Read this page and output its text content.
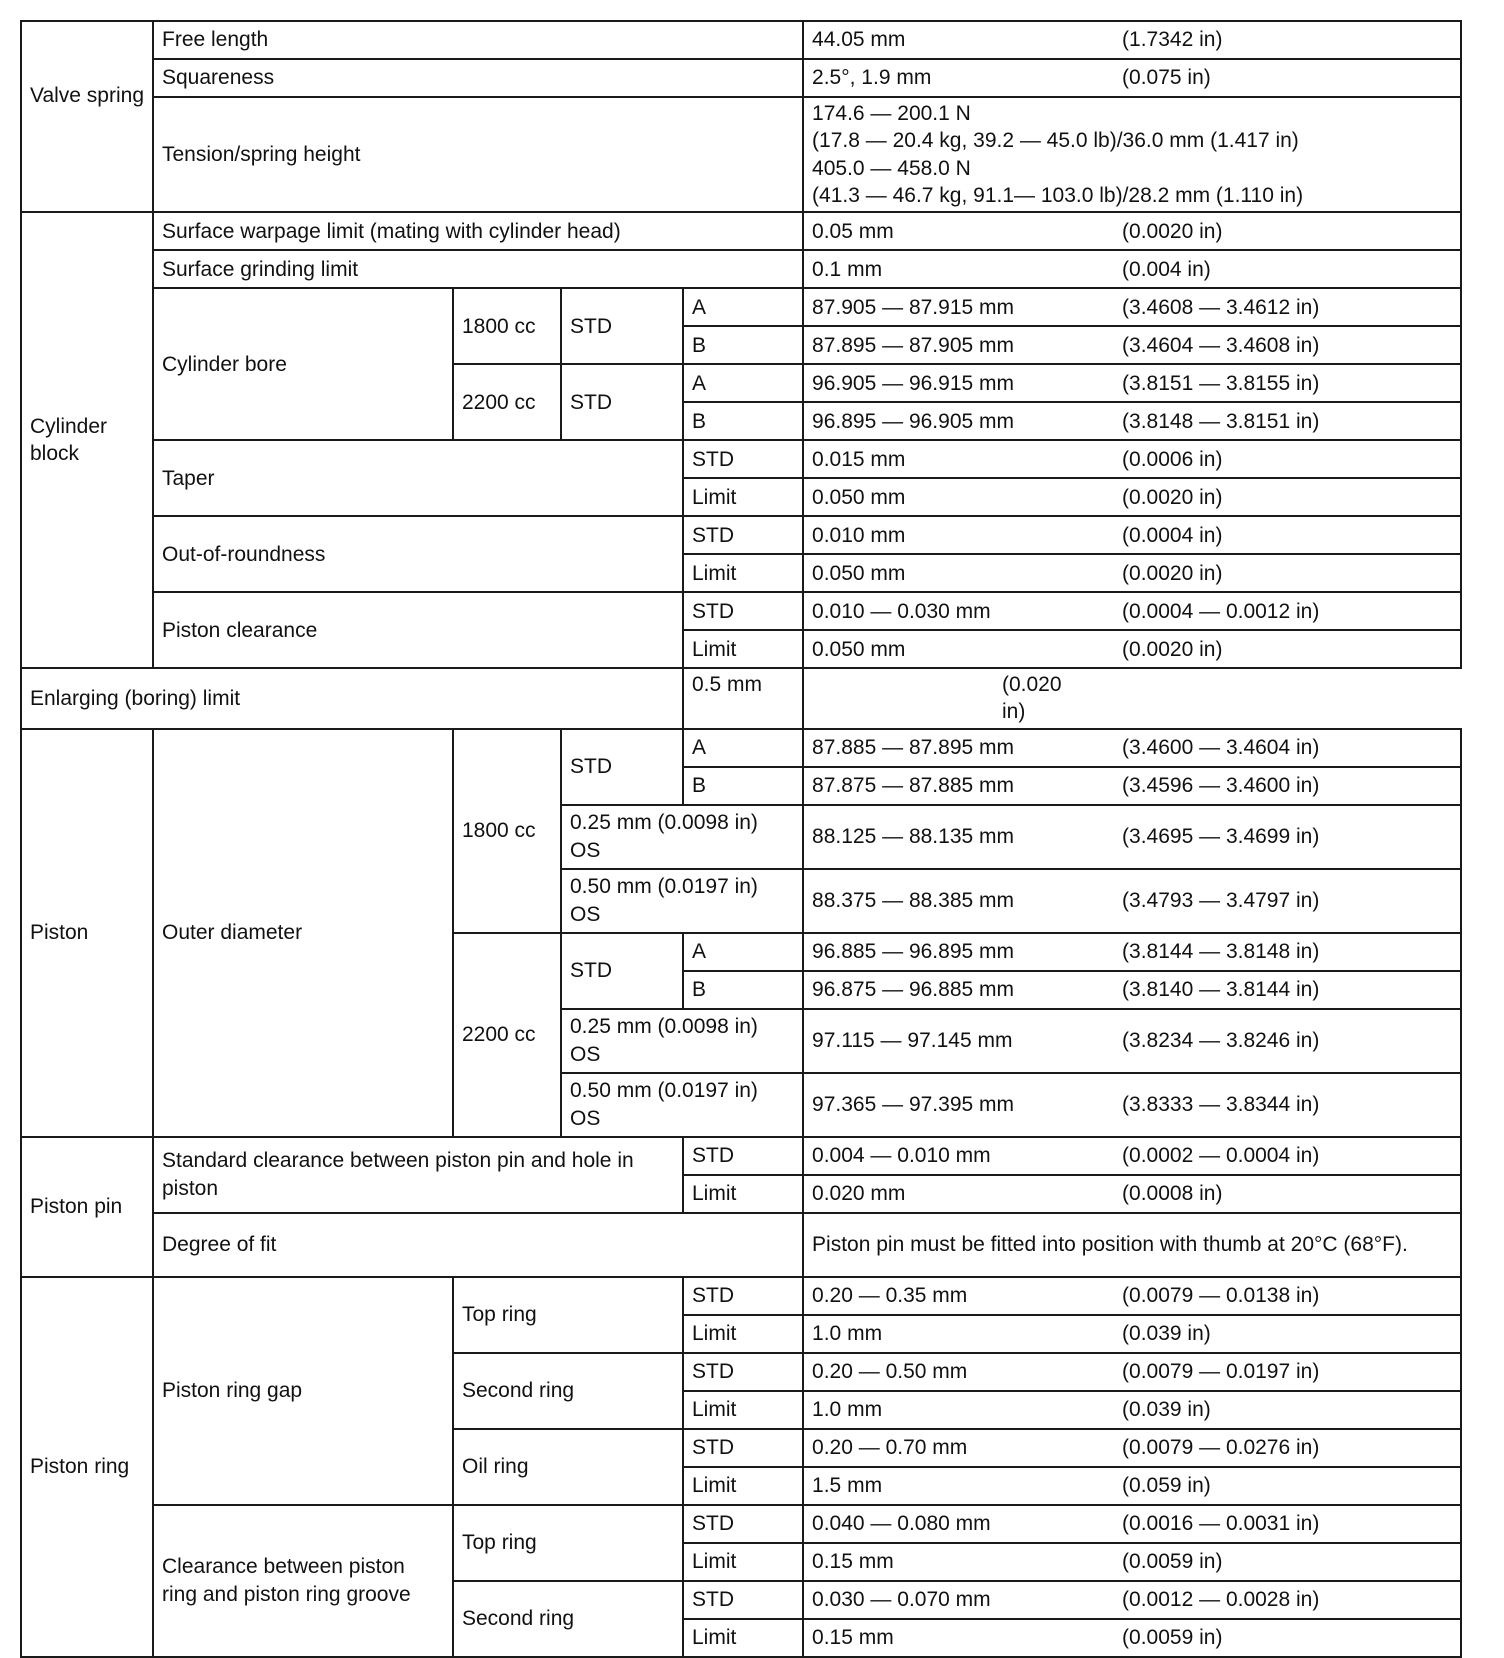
Valve spring	Free length				44.05 mm (1.7342 in)

	Squareness				2.5°, 1.9 mm (0.075 in)

	Tension/spring height				174.6 — 200.1 N
(17.8 — 20.4 kg, 39.2 — 45.0 lb)/36.0 mm (1.417 in)
405.0 — 458.0 N
(41.3 — 46.7 kg, 91.1— 103.0 lb)/28.2 mm (1.110 in)

Cylinder block	Surface warpage limit (mating with cylinder head)				0.05 mm (0.0020 in)

	Surface grinding limit				0.1 mm (0.004 in)

	Cylinder bore	1800 cc	STD	A	87.905 — 87.915 mm (3.4608 — 3.4612 in)

				B	87.895 — 87.905 mm (3.4604 — 3.4608 in)

		2200 cc	STD	A	96.905 — 96.915 mm (3.8151 — 3.8155 in)

				B	96.895 — 96.905 mm (3.8148 — 3.8151 in)

	Taper			STD	0.015 mm (0.0006 in)

				Limit	0.050 mm (0.0020 in)

	Out-of-roundness			STD	0.010 mm (0.0004 in)

				Limit	0.050 mm (0.0020 in)

	Piston clearance			STD	0.010 — 0.030 mm (0.0004 — 0.0012 in)

				Limit	0.050 mm (0.0020 in)

Enlarging (boring) limit				0.5 mm (0.020 in)	

Piston	Outer diameter	1800 cc	STD	A	87.885 — 87.895 mm (3.4600 — 3.4604 in)

				B	87.875 — 87.885 mm (3.4596 — 3.4600 in)

			0.25 mm (0.0098 in) OS		88.125 — 88.135 mm (3.4695 — 3.4699 in)

			0.50 mm (0.0197 in) OS		88.375 — 88.385 mm (3.4793 — 3.4797 in)

		2200 cc	STD	A	96.885 — 96.895 mm (3.8144 — 3.8148 in)

				B	96.875 — 96.885 mm (3.8140 — 3.8144 in)

			0.25 mm (0.0098 in) OS		97.115 — 97.145 mm (3.8234 — 3.8246 in)

			0.50 mm (0.0197 in) OS		97.365 — 97.395 mm (3.8333 — 3.8344 in)

Piston pin	Standard clearance between piston pin and hole in piston			STD	0.004 — 0.010 mm (0.0002 — 0.0004 in)

				Limit	0.020 mm (0.0008 in)

	Degree of fit				Piston pin must be fitted into position with thumb at 20°C (68°F).
Piston ring	Piston ring gap	Top ring		STD	0.20 — 0.35 mm (0.0079 — 0.0138 in)

				Limit	1.0 mm (0.039 in)

		Second ring		STD	0.20 — 0.50 mm (0.0079 — 0.0197 in)

				Limit	1.0 mm (0.039 in)

		Oil ring		STD	0.20 — 0.70 mm (0.0079 — 0.0276 in)

				Limit	1.5 mm (0.059 in)

	Clearance between piston ring and piston ring groove	Top ring		STD	0.040 — 0.080 mm (0.0016 — 0.0031 in)

				Limit	0.15 mm (0.0059 in)

		Second ring		STD	0.030 — 0.070 mm (0.0012 — 0.0028 in)

				Limit	0.15 mm (0.0059 in)
